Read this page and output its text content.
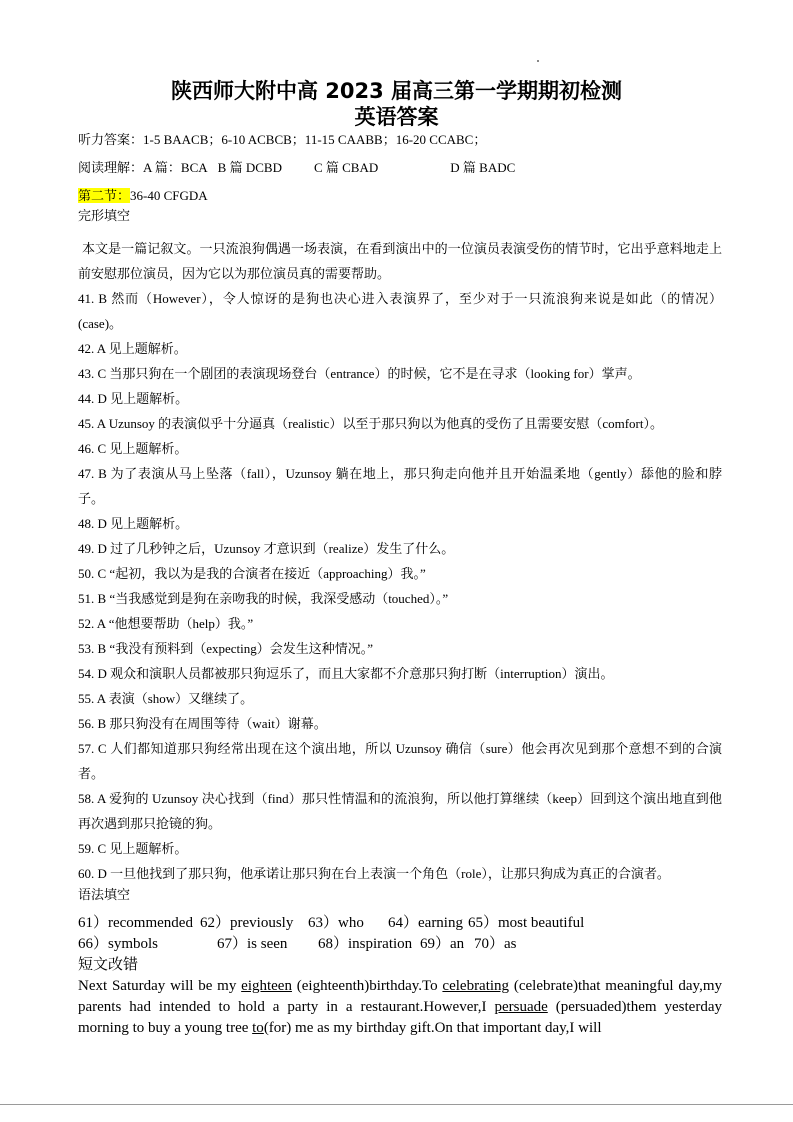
陕西师大附中高 2023 届高三第一学期期初检测
英语答案
听力答案：1-5 BAACB；6-10 ACBCB；11-15 CAABB；16-20 CCABC；
阅读理解：A 篇：BCA B 篇 DCBD C 篇 CBAD	D 篇 BADC
第二节：36-40 CFGDA
完形填空
本文是一篇记叙文。一只流浪狗偶遇一场表演，在看到演出中的一位演员表演受伤的情节时，它出乎意料地走上前安慰那位演员，因为它以为那位演员真的需要帮助。
41. B 然而（However），令人惊讶的是狗也决心进入表演界了，至少对于一只流浪狗来说是如此（的情况）(case)。
42. A 见上题解析。
43. C 当那只狗在一个剧团的表演现场登台（entrance）的时候，它不是在寻求（looking for）掌声。
44. D 见上题解析。
45. A Uzunsoy 的表演似乎十分逼真（realistic）以至于那只狗以为他真的受伤了且需要安慰（comfort）。
46. C 见上题解析。
47. B 为了表演从马上坠落（fall），Uzunsoy 躺在地上，那只狗走向他并且开始温柔地（gently）舔他的脸和脖子。
48. D 见上题解析。
49. D 过了几秒钟之后，Uzunsoy 才意识到（realize）发生了什么。
50. C “起初，我以为是我的合演者在接近（approaching）我。”
51. B “当我感觉到是狗在亲吻我的时候，我深受感动（touched）。”
52. A “他想要帮助（help）我。”
53. B “我没有预料到（expecting）会发生这种情况。”
54. D 观众和演职人员都被那只狗逗乐了，而且大家都不介意那只狗打断（interruption）演出。
55. A 表演（show）又继续了。
56. B 那只狗没有在周围等待（wait）谢幕。
57. C 人们都知道那只狗经常出现在这个演出地，所以 Uzunsoy 确信（sure）他会再次见到那个意想不到的合演者。
58. A 爱狗的 Uzunsoy 决心找到（find）那只性情温和的流浪狗，所以他打算继续（keep）回到这个演出地直到他再次遇到那只抢镜的狗。
59. C 见上题解析。
60. D 一旦他找到了那只狗，他承诺让那只狗在台上表演一个角色（role），让那只狗成为真正的合演者。
语法填空
61）recommended 62）previously 63）who 64）earning 65）most beautiful
66）symbols	67）is seen 68）inspiration 69）an 70）as
短文改错
Next Saturday will be my eighteen (eighteenth)birthday.To celebrating (celebrate)that meaningful day,my parents had intended to hold a party in a restaurant.However,I persuade (persuaded)them yesterday morning to buy a young tree to(for) me as my birthday gift.On that important day,I will
